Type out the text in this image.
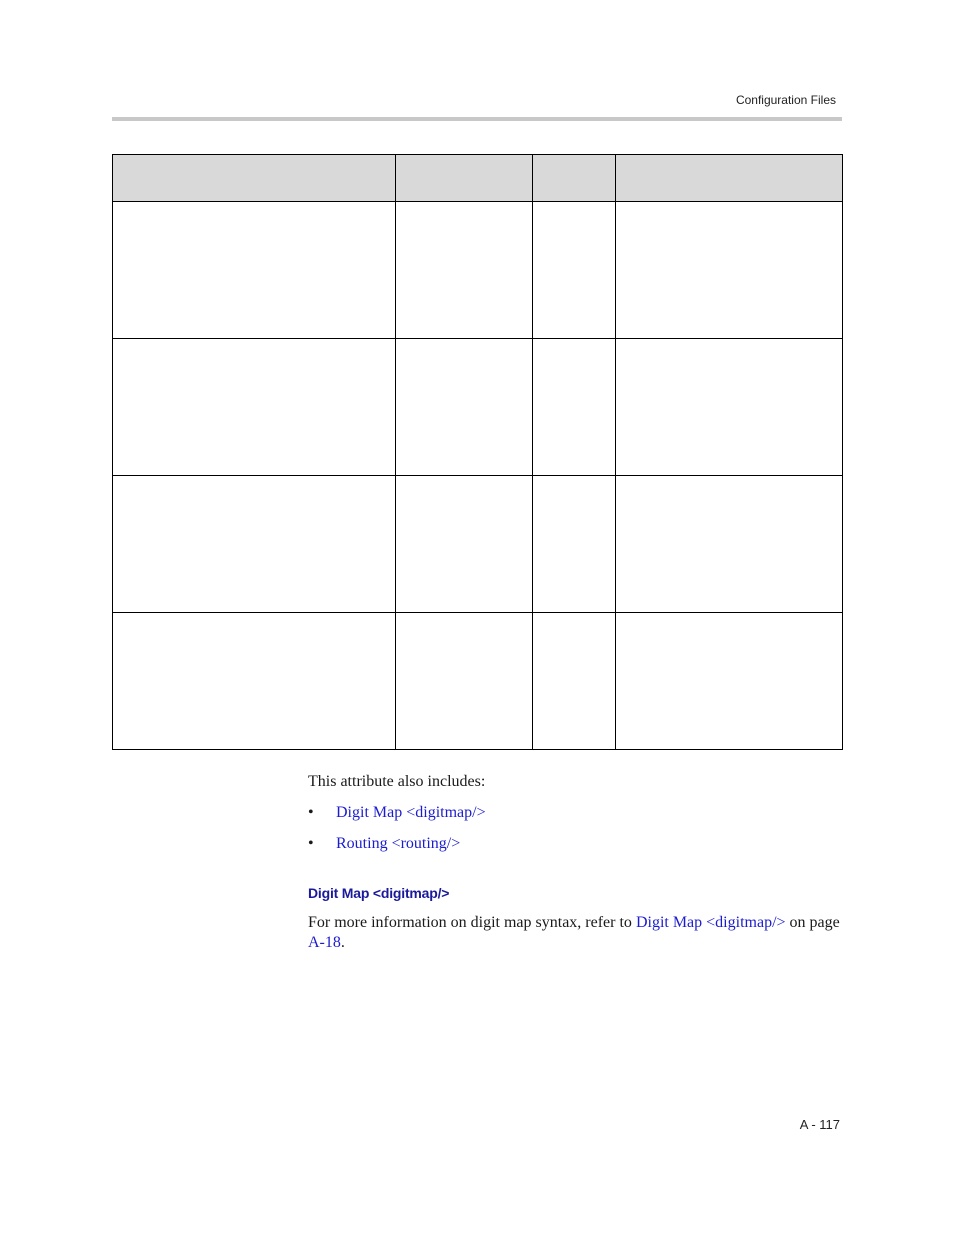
Configuration Files

This attribute also includes:
•	Digit Map <digitmap/>
•	Routing <routing/>
Digit Map <digitmap/>
For more information on digit map syntax, refer to Digit Map <digitmap/> on page A-18.
A - 117
